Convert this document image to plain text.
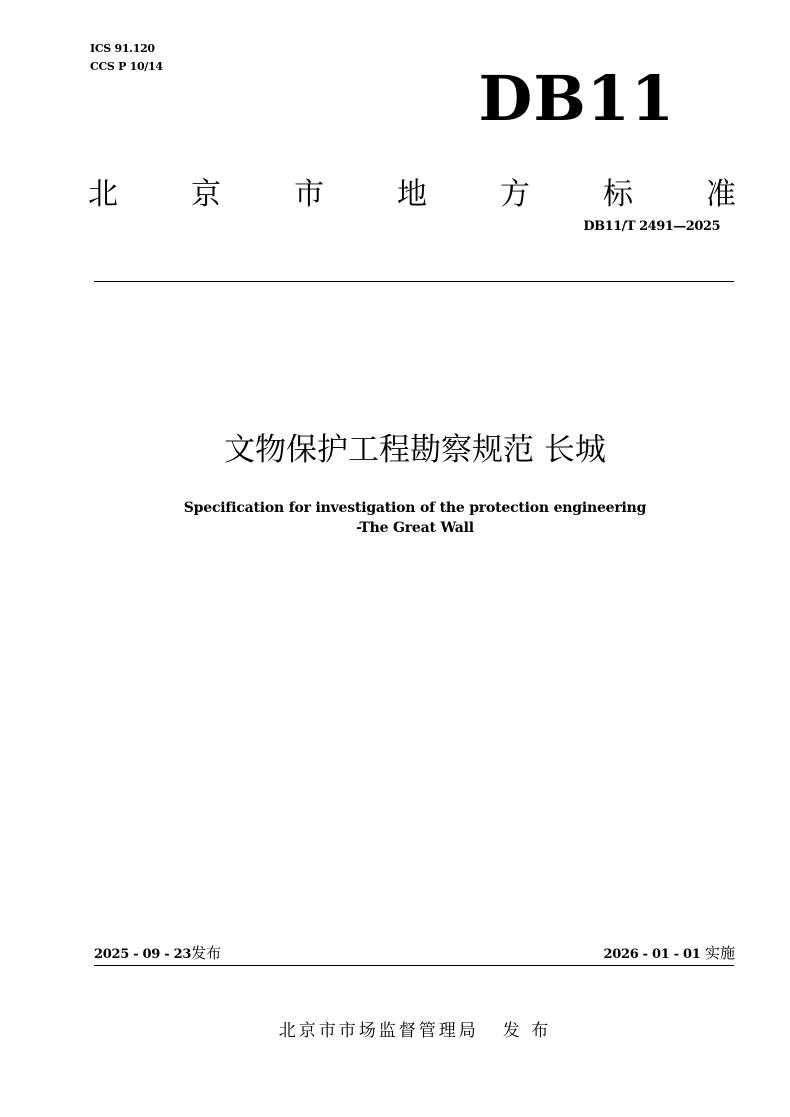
ICS 91.120
CCS P 10/14	DB11
北 京 市 地 方 标 准
DB11/T 2491—2025
文物保护工程勘察规范 长城
Specification for investigation of the protection engineering
-The Great Wall
2025 - 09 - 23发布	2026 - 01 - 01 实施
北京市市场监督管理局 发 布
